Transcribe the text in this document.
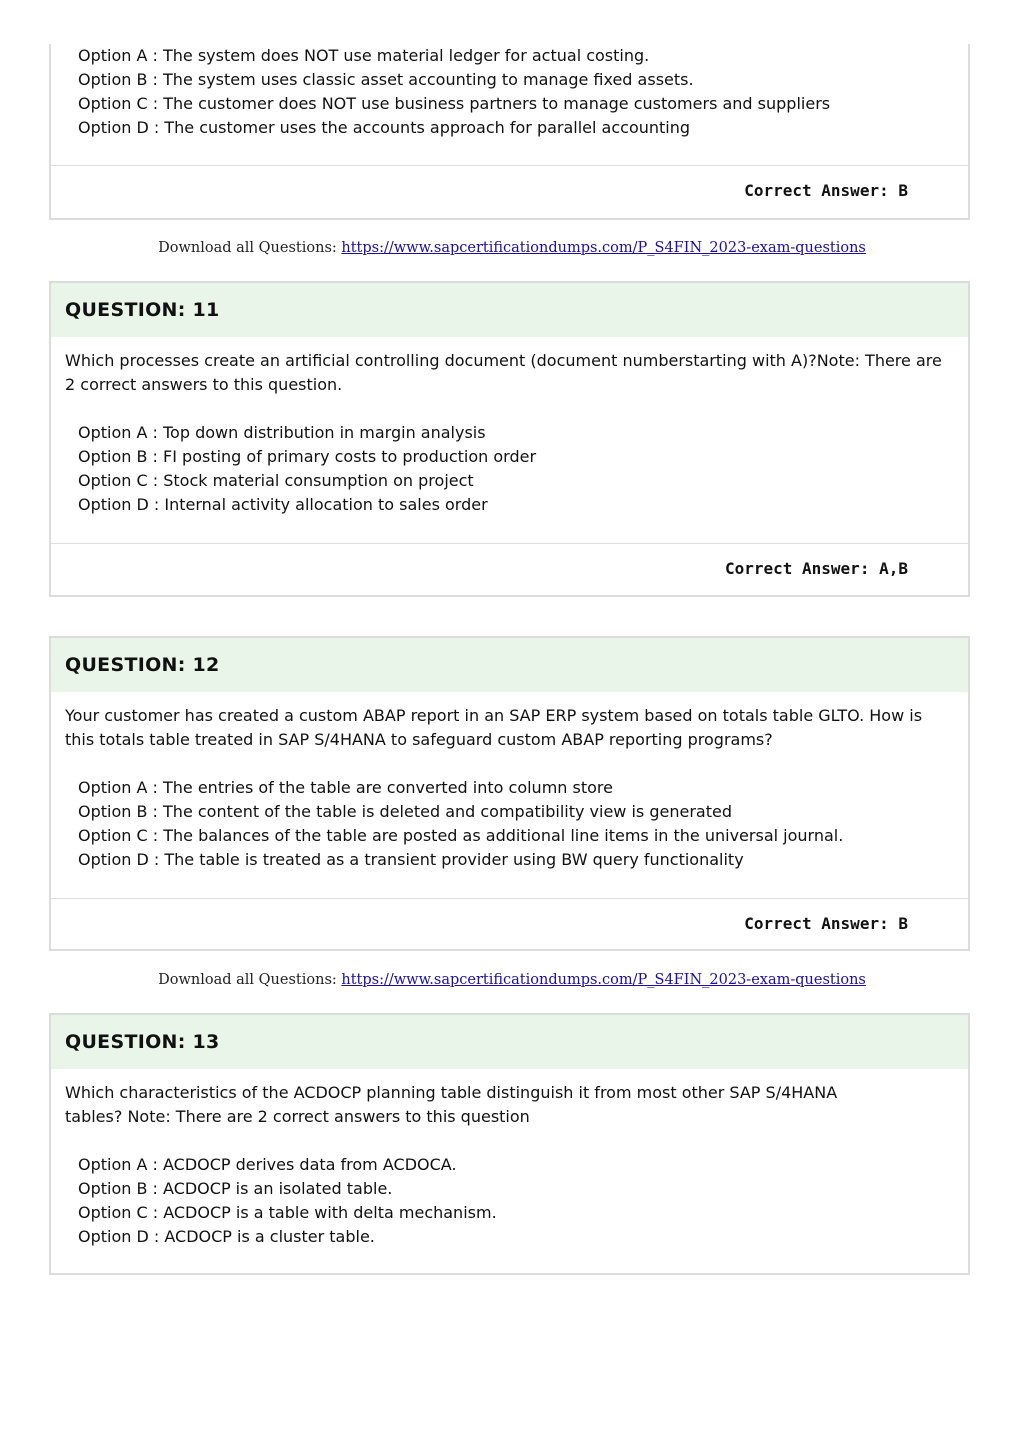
Option A : The system does NOT use material ledger for actual costing.
Option B : The system uses classic asset accounting to manage fixed assets.
Option C : The customer does NOT use business partners to manage customers and suppliers
Option D : The customer uses the accounts approach for parallel accounting
Correct Answer:
B
Download all Questions: https://www.sapcertificationdumps.com/P_S4FIN_2023-exam-questions
QUESTION: 11

Which processes create an artificial controlling document (document numberstarting with A)?Note: There are 2 correct answers to this question.

Option A : Top down distribution in margin analysis
Option B : FI posting of primary costs to production order
Option C : Stock material consumption on project
Option D : Internal activity allocation to sales order
Correct Answer:
A,B
QUESTION: 12

Your customer has created a custom ABAP report in an SAP ERP system based on totals table GLTO. How is this totals table treated in SAP S/4HANA to safeguard custom ABAP reporting programs?

Option A : The entries of the table are converted into column store
Option B : The content of the table is deleted and compatibility view is generated
Option C : The balances of the table are posted as additional line items in the universal journal.
Option D : The table is treated as a transient provider using BW query functionality
Correct Answer:
B
Download all Questions: https://www.sapcertificationdumps.com/P_S4FIN_2023-exam-questions
QUESTION: 13

Which characteristics of the ACDOCP planning table distinguish it from most other SAP S/4HANA tables? Note: There are 2 correct answers to this question

Option A : ACDOCP derives data from ACDOCA.
Option B : ACDOCP is an isolated table.
Option C : ACDOCP is a table with delta mechanism.
Option D : ACDOCP is a cluster table.
